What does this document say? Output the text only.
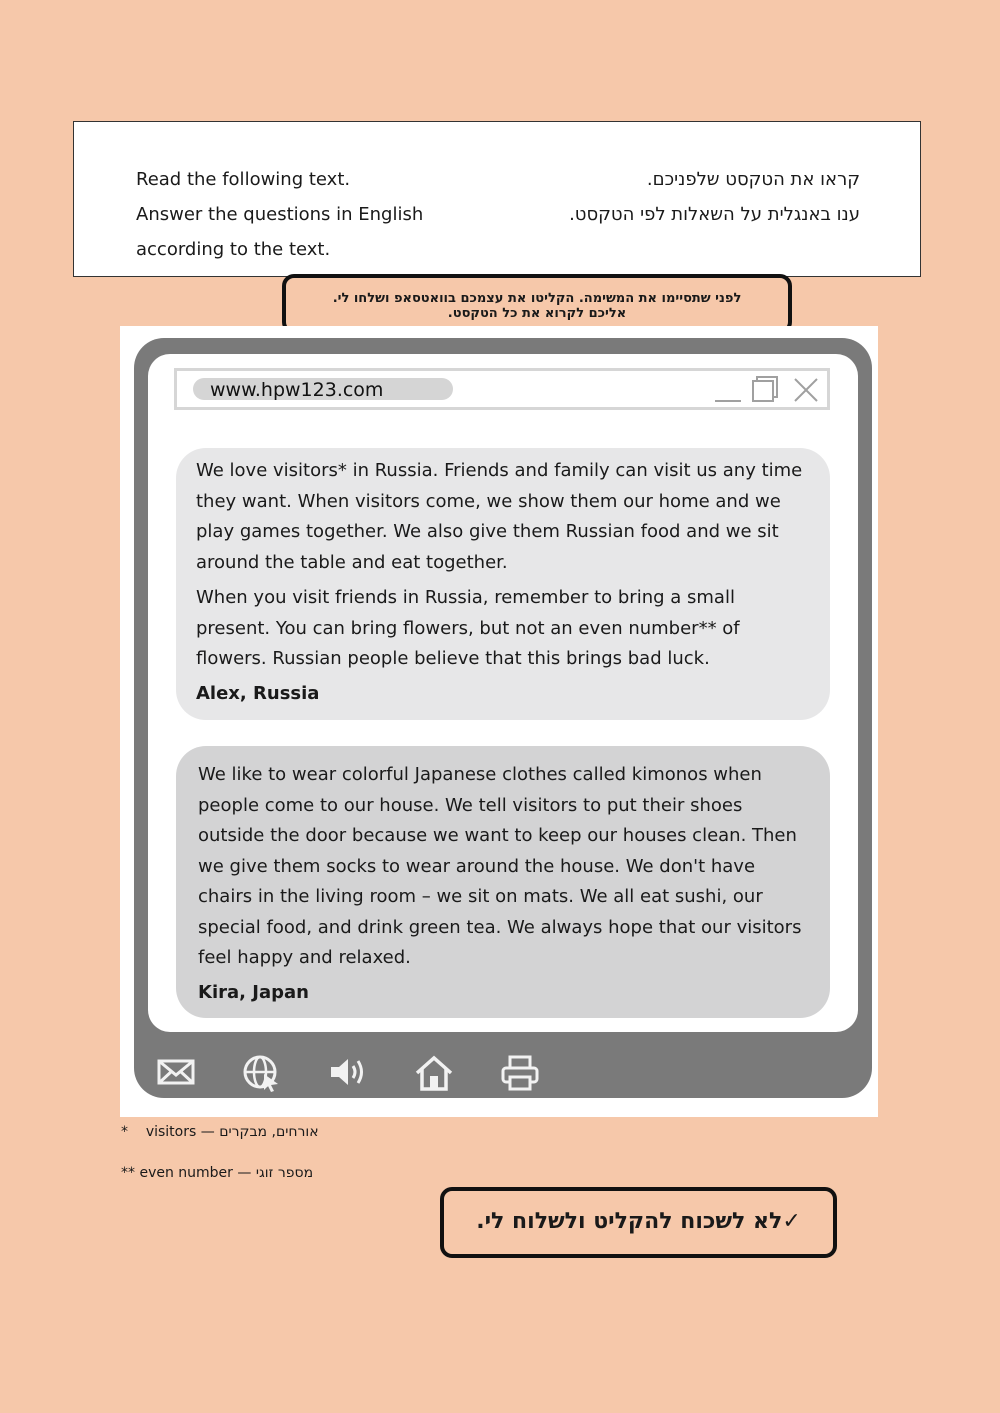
Read the following text.
Answer the questions in English
according to the text.
קראו את הטקסט שלפניכם.
ענו באנגלית על השאלות לפי הטקסט.
לפני שתסיימו את המשימה. הקליטו את עצמכם בוואטסאפ ושלחו לי.
אליכם לקרוא את כל הטקסט.
www.hpw123.com

We love visitors* in Russia. Friends and family can visit us any time

they want. When visitors come, we show them our home and we

play games together. We also give them Russian food and we sit

around the table and eat together.

When you visit friends in Russia, remember to bring a small

present. You can bring flowers, but not an even number** of

flowers. Russian people believe that this brings bad luck.

Alex, Russia

We like to wear colorful Japanese clothes called kimonos when

people come to our house. We tell visitors to put their shoes

outside the door because we want to keep our houses clean. Then

we give them socks to wear around the house. We don't have

chairs in the living room – we sit on mats. We all eat sushi, our

special food, and drink green tea. We always hope that our visitors

feel happy and relaxed.

Kira, Japan

* visitors — אורחים, מבקרים
** even number — מספר זוגי
✓לא לשכוח להקליט ולשלוח לי.
